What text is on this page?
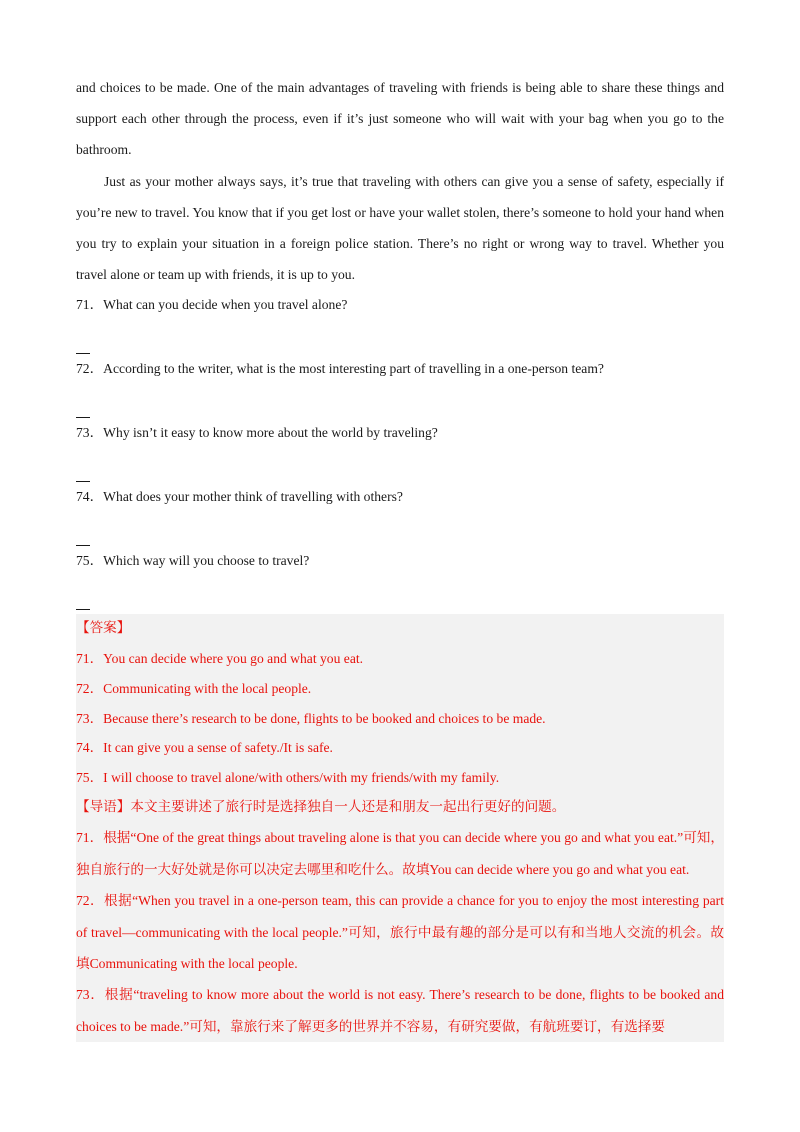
and choices to be made. One of the main advantages of traveling with friends is being able to share these things and support each other through the process, even if it’s just someone who will wait with your bag when you go to the bathroom.

Just as your mother always says, it’s true that traveling with others can give you a sense of safety, especially if you’re new to travel. You know that if you get lost or have your wallet stolen, there’s someone to hold your hand when you try to explain your situation in a foreign police station. There’s no right or wrong way to travel. Whether you travel alone or team up with friends, it is up to you.

71．What can you decide when you travel alone?

72．According to the writer, what is the most interesting part of travelling in a one-person team?

73．Why isn’t it easy to know more about the world by traveling?

74．What does your mother think of travelling with others?

75．Which way will you choose to travel?

【答案】

71．You can decide where you go and what you eat.

72．Communicating with the local people.

73．Because there’s research to be done, flights to be booked and choices to be made.

74．It can give you a sense of safety./It is safe.

75．I will choose to travel alone/with others/with my friends/with my family.

【导语】本文主要讲述了旅行时是选择独自一人还是和朋友一起出行更好的问题。

71．根据“One of the great things about traveling alone is that you can decide where you go and what you eat.”可知，独自旅行的一大好处就是你可以决定去哪里和吃什么。故填You can decide where you go and what you eat.

72．根据“When you travel in a one-person team, this can provide a chance for you to enjoy the most interesting part of travel—communicating with the local people.”可知，旅行中最有趣的部分是可以有和当地人交流的机会。故填Communicating with the local people.

73．根据“traveling to know more about the world is not easy. There’s research to be done, flights to be booked and choices to be made.”可知，靠旅行来了解更多的世界并不容易，有研究要做，有航班要订，有选择要
